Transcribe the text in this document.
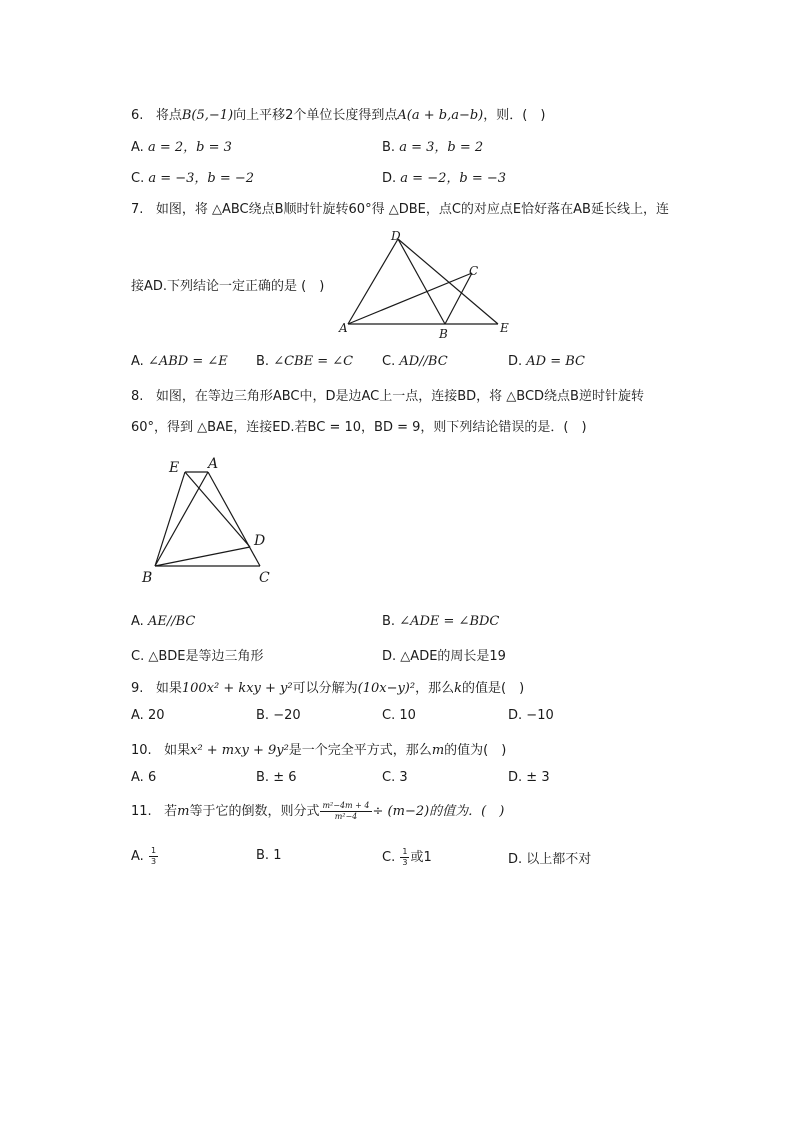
6. 将点B(5,−1)向上平移2个单位长度得到点A(a + b,a−b)，则．(　)
A. a = 2，b = 3	B. a = 3，b = 2
C. a = −3，b = −2	D. a = −2，b = −3
7. 如图，将 △ABC绕点B顺时针旋转60°得 △DBE，点C的对应点E恰好落在AB延长线上，连
接AD.下列结论一定正确的是 (　)
D
C
A	B	E
A. ∠ABD = ∠E B. ∠CBE = ∠C C. AD//BC	D. AD = BC
8. 如图，在等边三角形ABC中，D是边AC上一点，连接BD，将 △BCD绕点B逆时针旋转
60°，得到 △BAE，连接ED.若BC = 10，BD = 9，则下列结论错误的是．(　)
E A
D
B	C
A. AE//BC	B. ∠ADE = ∠BDC
C. △BDE是等边三角形	D. △ADE的周长是19
9. 如果100x² + kxy + y²可以分解为(10x−y)²，那么k的值是(　)
A. 20	B. −20	C. 10	D. −10
10. 如果x² + mxy + 9y²是一个完全平方式，那么m的值为(　)
A. 6	B. ± 6	C. 3	D. ± 3
11. 若m等于它的倒数，则分式 $\frac{\text{m²−4m + 4}}{\text{m²−4}} \div (m-2)$的值为．(　)
A. $\frac{1}{3}$	B. 1	C. $\frac{1}{3}$ 或1	D. 以上都不对
